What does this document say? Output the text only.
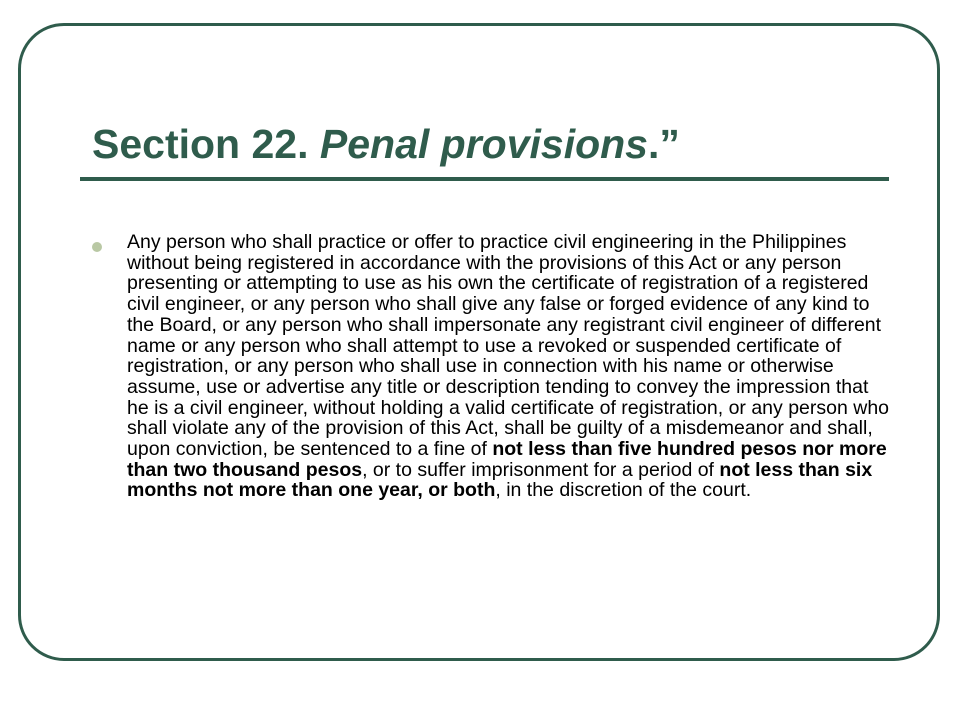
Section 22. Penal provisions.”

Any person who shall practice or offer to practice civil engineering in the Philippines without being registered in accordance with the provisions of this Act or any person presenting or attempting to use as his own the certificate of registration of a registered civil engineer, or any person who shall give any false or forged evidence of any kind to the Board, or any person who shall impersonate any registrant civil engineer of different name or any person who shall attempt to use a revoked or suspended certificate of registration, or any person who shall use in connection with his name or otherwise assume, use or advertise any title or description tending to convey the impression that he is a civil engineer, without holding a valid certificate of registration, or any person who shall violate any of the provision of this Act, shall be guilty of a misdemeanor and shall, upon conviction, be sentenced to a fine of not less than five hundred pesos nor more than two thousand pesos, or to suffer imprisonment for a period of not less than six months not more than one year, or both, in the discretion of the court.
